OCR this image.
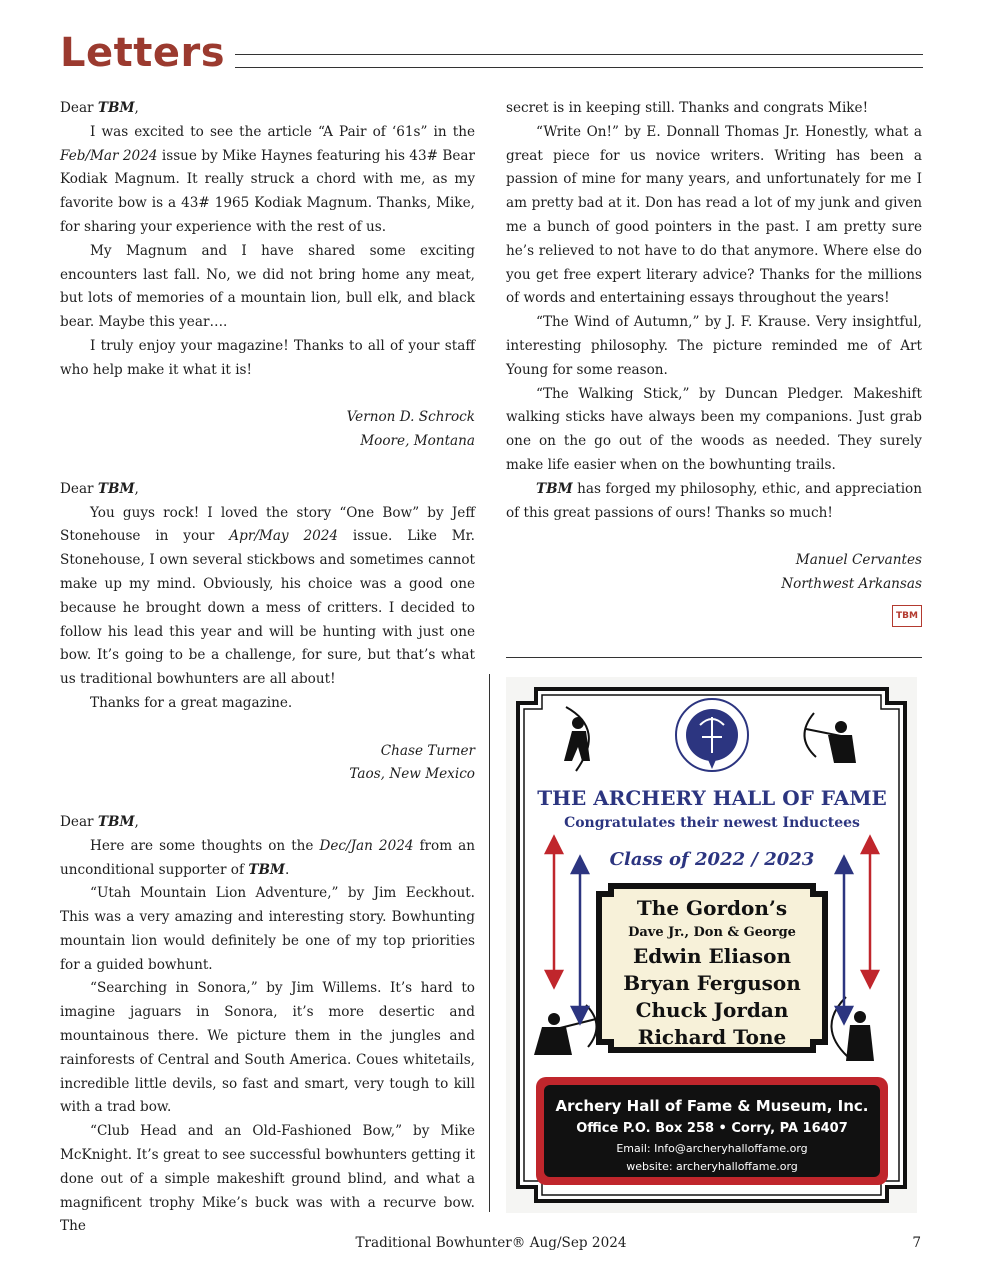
Letters

Dear TBM,

I was excited to see the article “A Pair of ‘61s” in the Feb/Mar 2024 issue by Mike Haynes featuring his 43# Bear Kodiak Magnum. It really struck a chord with me, as my favorite bow is a 43# 1965 Kodiak Magnum. Thanks, Mike, for sharing your experience with the rest of us.

My Magnum and I have shared some exciting encounters last fall. No, we did not bring home any meat, but lots of memories of a mountain lion, bull elk, and black bear. Maybe this year….

I truly enjoy your magazine! Thanks to all of your staff who help make it what it is!

Vernon D. Schrock

Moore, Montana

Dear TBM,

You guys rock! I loved the story “One Bow” by Jeff Stonehouse in your Apr/May 2024 issue. Like Mr. Stonehouse, I own several stickbows and sometimes cannot make up my mind. Obviously, his choice was a good one because he brought down a mess of critters. I decided to follow his lead this year and will be hunting with just one bow. It’s going to be a challenge, for sure, but that’s what us traditional bowhunters are all about!

Thanks for a great magazine.

Chase Turner

Taos, New Mexico

Dear TBM,

Here are some thoughts on the Dec/Jan 2024 from an unconditional supporter of TBM.

“Utah Mountain Lion Adventure,” by Jim Eeckhout. This was a very amazing and interesting story. Bowhunting mountain lion would definitely be one of my top priorities for a guided bowhunt.

“Searching in Sonora,” by Jim Willems. It’s hard to imagine jaguars in Sonora, it’s more desertic and mountainous there. We picture them in the jungles and rainforests of Central and South America. Coues whitetails, incredible little devils, so fast and smart, very tough to kill with a trad bow.

“Club Head and an Old-Fashioned Bow,” by Mike McKnight. It’s great to see successful bowhunters getting it done out of a simple makeshift ground blind, and what a magnificent trophy Mike’s buck was with a recurve bow. The

secret is in keeping still. Thanks and congrats Mike!

“Write On!” by E. Donnall Thomas Jr. Honestly, what a great piece for us novice writers. Writing has been a passion of mine for many years, and unfortunately for me I am pretty bad at it. Don has read a lot of my junk and given me a bunch of good pointers in the past. I am pretty sure he’s relieved to not have to do that anymore. Where else do you get free expert literary advice? Thanks for the millions of words and entertaining essays throughout the years!

“The Wind of Autumn,” by J. F. Krause. Very insightful, interesting philosophy. The picture reminded me of Art Young for some reason.

“The Walking Stick,” by Duncan Pledger. Makeshift walking sticks have always been my companions. Just grab one on the go out of the woods as needed. They surely make life easier when on the bowhunting trails.

TBM has forged my philosophy, ethic, and appreciation of this great passions of ours! Thanks so much!

Manuel Cervantes

Northwest Arkansas

TBM
THE ARCHERY HALL OF FAME
Congratulates their newest Inductees
Class of 2022 / 2023
The Gordon’s
Dave Jr., Don & George
Edwin Eliason
Bryan Ferguson
Chuck Jordan
Richard Tone
Archery Hall of Fame & Museum, Inc.
Office P.O. Box 258 • Corry, PA 16407
Email: Info@archeryhalloffame.org
website: archeryhalloffame.org
Traditional Bowhunter® Aug/Sep 2024	7
